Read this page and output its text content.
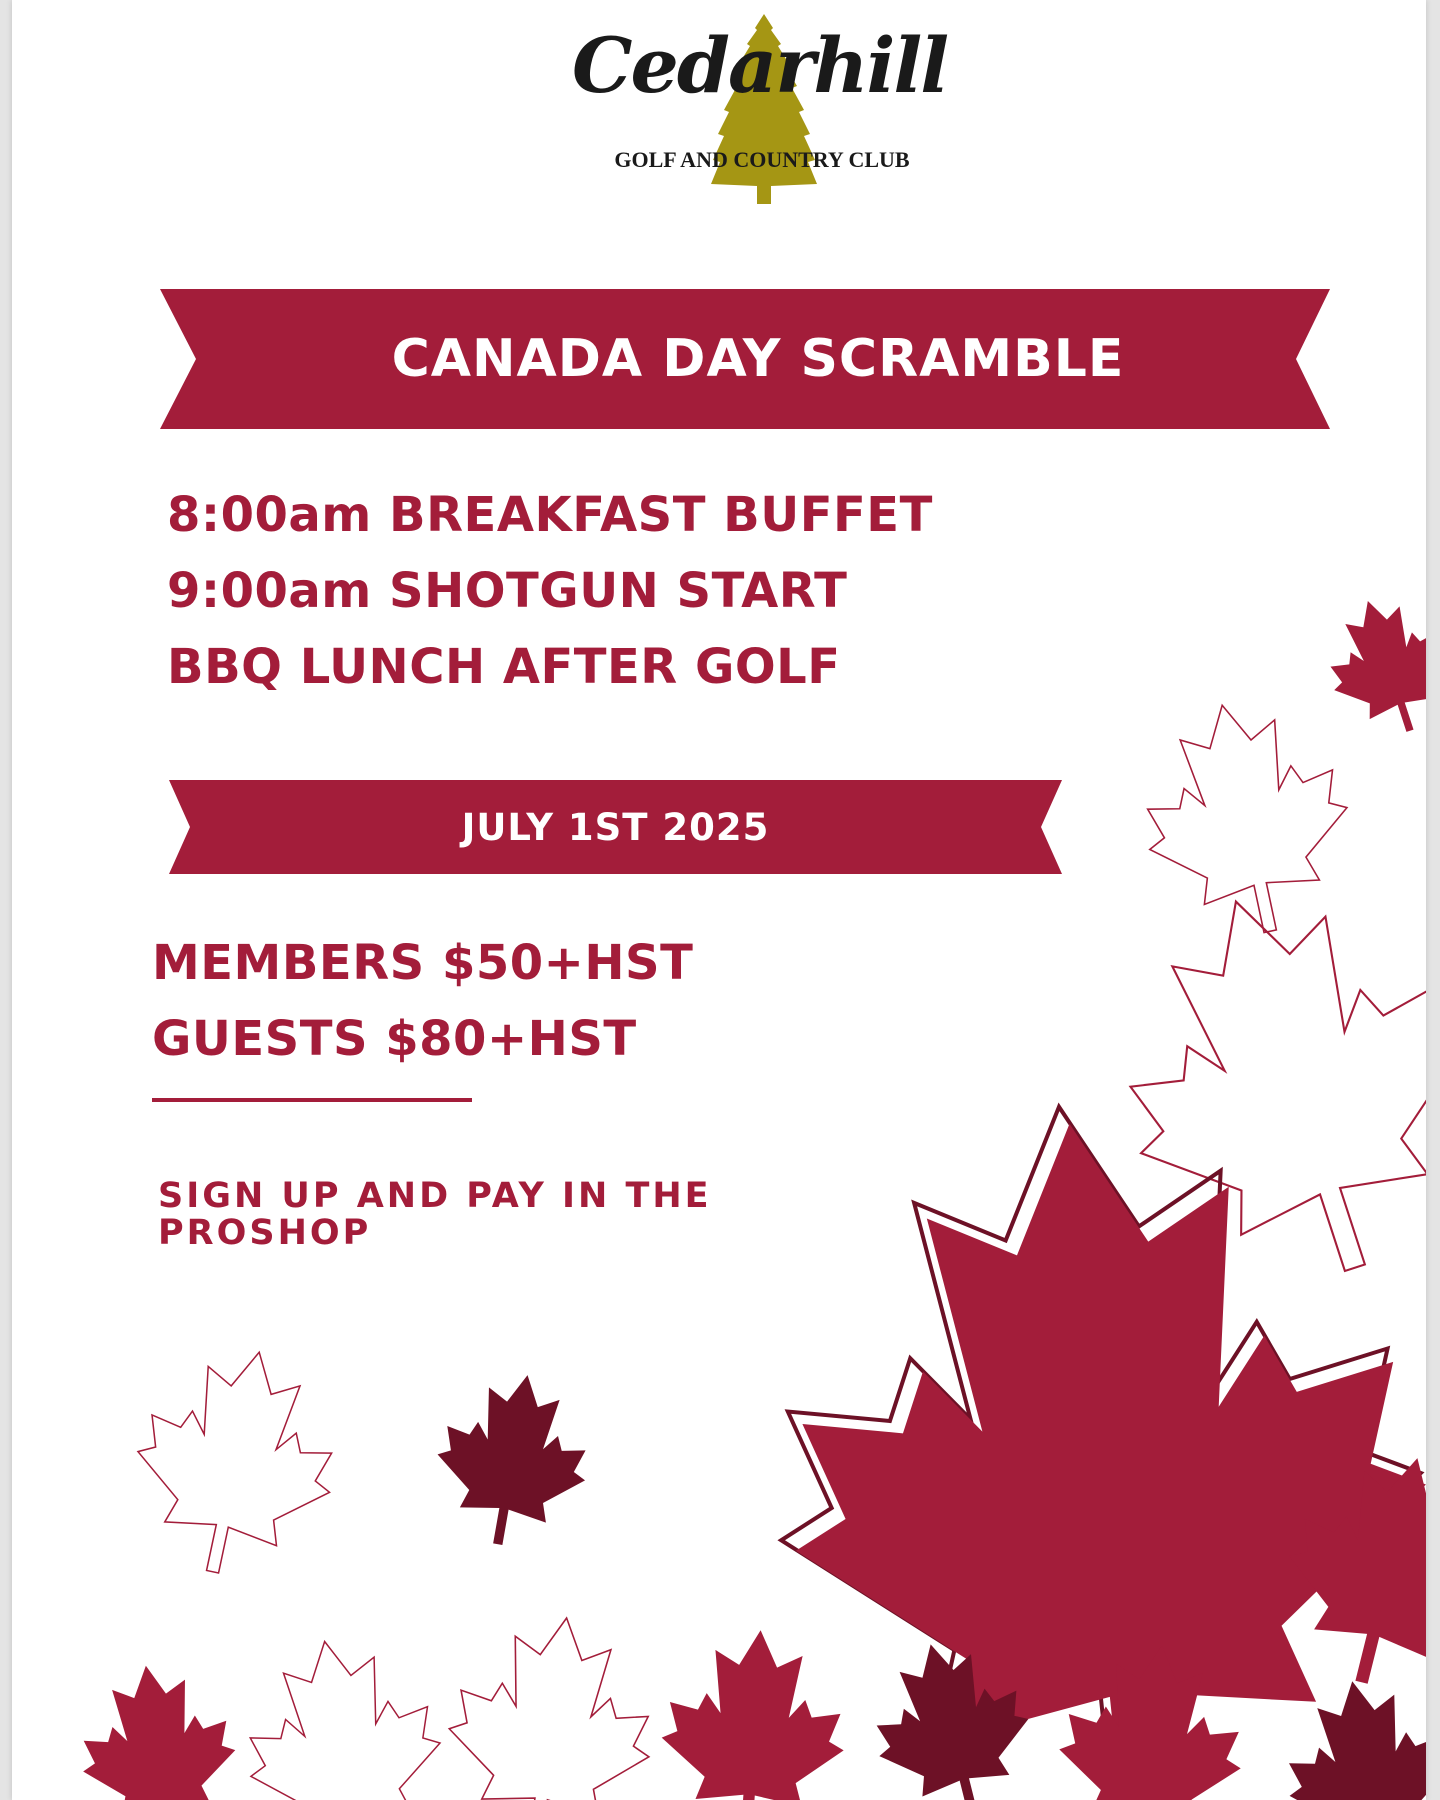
Cedarhill
GOLF AND COUNTRY CLUB
CANADA DAY SCRAMBLE
8:00am BREAKFAST BUFFET
9:00am SHOTGUN START
BBQ LUNCH AFTER GOLF
JULY 1ST 2025
MEMBERS $50+HST
GUESTS $80+HST
SIGN UP AND PAY IN THE PROSHOP
